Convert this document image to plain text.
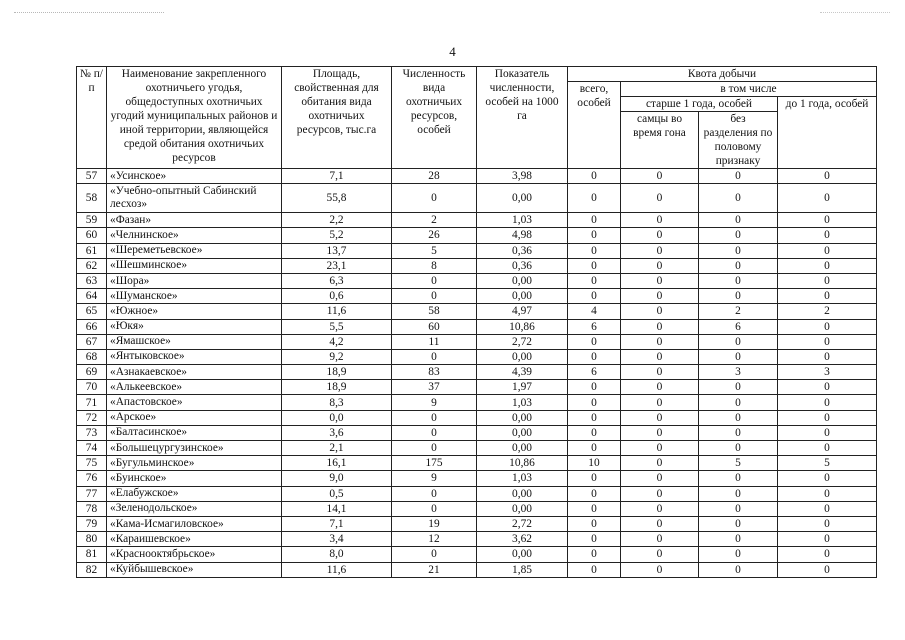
4
№ п/п	Наименование закрепленного охотничьего угодья, общедоступных охотничьих угодий муниципальных районов и иной территории, являющейся средой обитания охотничьих ресурсов	Площадь, свойственная для обитания вида охотничьих ресурсов, тыс.га	Численность вида охотничьих ресурсов, особей	Показатель численности, особей на 1000 га	Квота добычи			
					всего, особей	в том числе		
						старше 1 года, особей		до 1 года, особей
						самцы во время гона	без разделения по половому признаку	
57	«Усинское»	7,1	28	3,98	0	0	0	0
58	«Учебно-опытный Сабинский лесхоз»	55,8	0	0,00	0	0	0	0
59	«Фазан»	2,2	2	1,03	0	0	0	0
60	«Челнинское»	5,2	26	4,98	0	0	0	0
61	«Шереметьевское»	13,7	5	0,36	0	0	0	0
62	«Шешминское»	23,1	8	0,36	0	0	0	0
63	«Шора»	6,3	0	0,00	0	0	0	0
64	«Шуманское»	0,6	0	0,00	0	0	0	0
65	«Южное»	11,6	58	4,97	4	0	2	2
66	«Юкя»	5,5	60	10,86	6	0	6	0
67	«Ямашское»	4,2	11	2,72	0	0	0	0
68	«Янтыковское»	9,2	0	0,00	0	0	0	0
69	«Азнакаевское»	18,9	83	4,39	6	0	3	3
70	«Алькеевское»	18,9	37	1,97	0	0	0	0
71	«Апастовское»	8,3	9	1,03	0	0	0	0
72	«Арское»	0,0	0	0,00	0	0	0	0
73	«Балтасинское»	3,6	0	0,00	0	0	0	0
74	«Большецургузинское»	2,1	0	0,00	0	0	0	0
75	«Бугульминское»	16,1	175	10,86	10	0	5	5
76	«Буинское»	9,0	9	1,03	0	0	0	0
77	«Елабужское»	0,5	0	0,00	0	0	0	0
78	«Зеленодольское»	14,1	0	0,00	0	0	0	0
79	«Кама-Исмагиловское»	7,1	19	2,72	0	0	0	0
80	«Караишевское»	3,4	12	3,62	0	0	0	0
81	«Краснооктябрьское»	8,0	0	0,00	0	0	0	0
82	«Куйбышевское»	11,6	21	1,85	0	0	0	0
